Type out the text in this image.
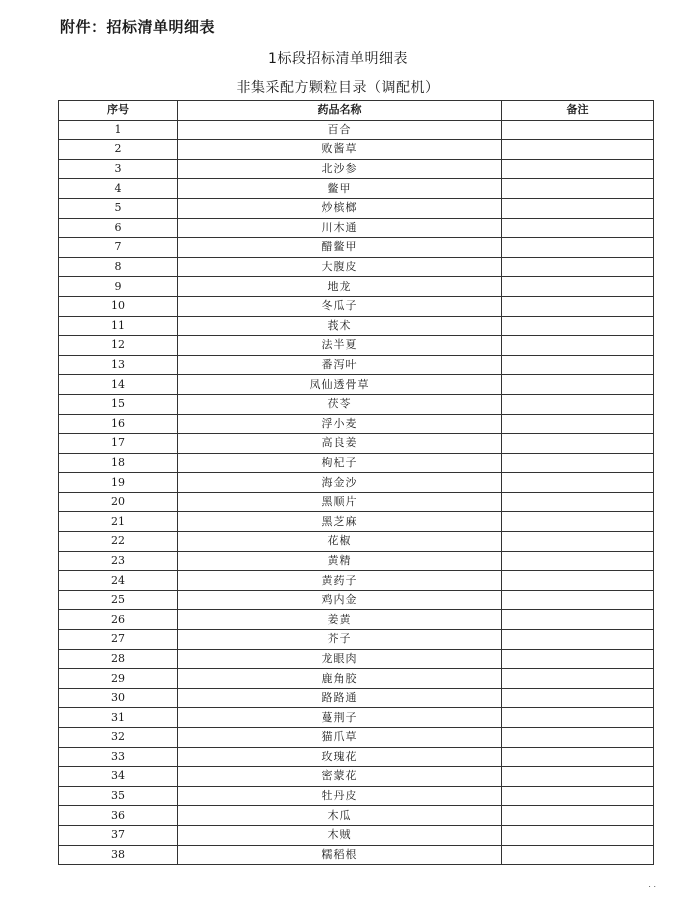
附件：招标清单明细表
1标段招标清单明细表
非集采配方颗粒目录（调配机）
序号	药品名称	备注
1	百合	
2	败酱草	
3	北沙参	
4	鳖甲	
5	炒槟榔	
6	川木通	
7	醋鳖甲	
8	大腹皮	
9	地龙	
10	冬瓜子	
11	莪术	
12	法半夏	
13	番泻叶	
14	凤仙透骨草	
15	茯苓	
16	浮小麦	
17	高良姜	
18	枸杞子	
19	海金沙	
20	黑顺片	
21	黑芝麻	
22	花椒	
23	黄精	
24	黄药子	
25	鸡内金	
26	姜黄	
27	芥子	
28	龙眼肉	
29	鹿角胶	
30	路路通	
31	蔓荆子	
32	猫爪草	
33	玫瑰花	
34	密蒙花	
35	牡丹皮	
36	木瓜	
37	木贼	
38	糯稻根	
. .
